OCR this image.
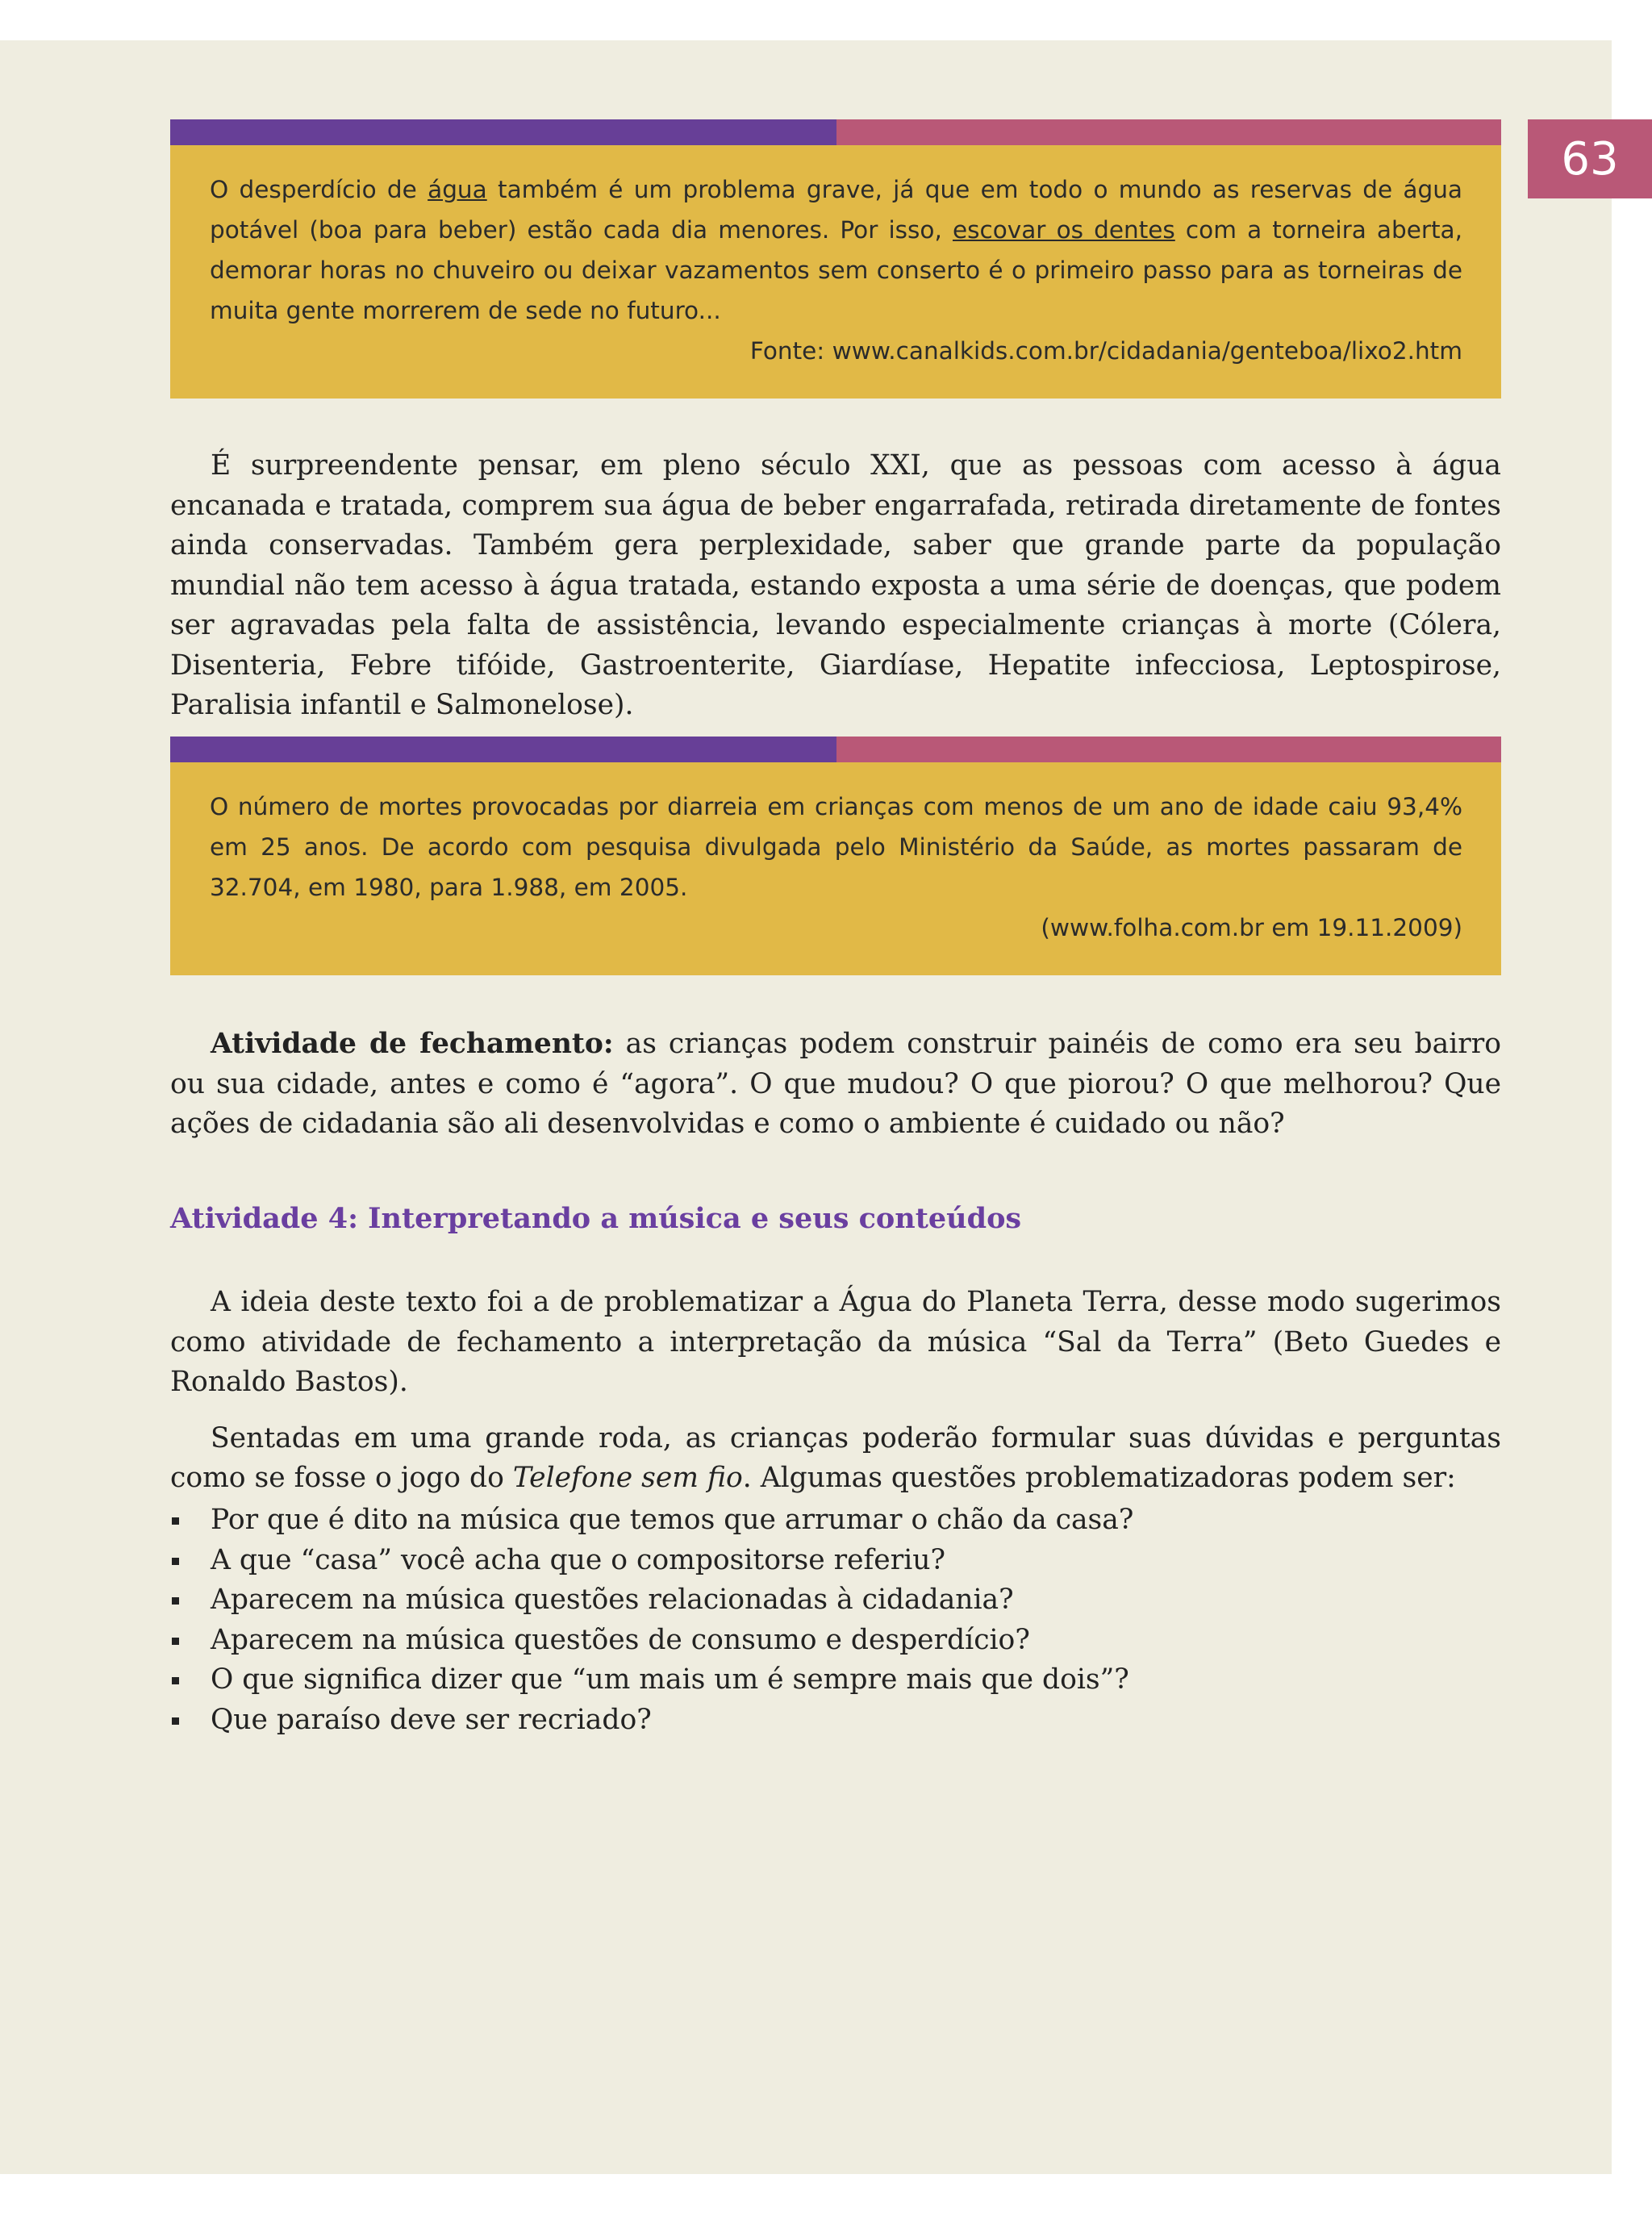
63
O desperdício de água também é um problema grave, já que em todo o mundo as reservas de água potável (boa para beber) estão cada dia menores. Por isso, escovar os dentes com a torneira aberta, demorar horas no chuveiro ou deixar vazamentos sem conserto é o primeiro passo para as torneiras de muita gente morrerem de sede no futuro...
Fonte: www.canalkids.com.br/cidadania/genteboa/lixo2.htm

É surpreendente pensar, em pleno século XXI, que as pessoas com acesso à água encanada e tratada, comprem sua água de beber engarrafada, retirada diretamente de fontes ainda conservadas. Também gera perplexidade, saber que grande parte da população mundial não tem acesso à água tratada, estando exposta a uma série de doenças, que podem ser agravadas pela falta de assistência, levando especialmente crianças à morte (Cólera, Disenteria, Febre tifóide, Gastroenterite, Giardíase, Hepatite infecciosa, Leptospirose, Paralisia infantil e Salmonelose).

O número de mortes provocadas por diarreia em crianças com menos de um ano de idade caiu 93,4% em 25 anos. De acordo com pesquisa divulgada pelo Ministério da Saúde, as mortes passaram de 32.704, em 1980, para 1.988, em 2005.
(www.folha.com.br em 19.11.2009)

Atividade de fechamento: as crianças podem construir painéis de como era seu bairro ou sua cidade, antes e como é “agora”. O que mudou? O que piorou? O que melhorou? Que ações de cidadania são ali desenvolvidas e como o ambiente é cuidado ou não?

Atividade 4: Interpretando a música e seus conteúdos

A ideia deste texto foi a de problematizar a Água do Planeta Terra, desse modo sugerimos como atividade de fechamento a interpretação da música “Sal da Terra” (Beto Guedes e Ronaldo Bastos).

Sentadas em uma grande roda, as crianças poderão formular suas dúvidas e perguntas como se fosse o jogo do Telefone sem fio. Algumas questões problematizadoras podem ser:

Por que é dito na música que temos que arrumar o chão da casa?
A que “casa” você acha que o compositorse referiu?
Aparecem na música questões relacionadas à cidadania?
Aparecem na música questões de consumo e desperdício?
O que significa dizer que “um mais um é sempre mais que dois”?
Que paraíso deve ser recriado?
